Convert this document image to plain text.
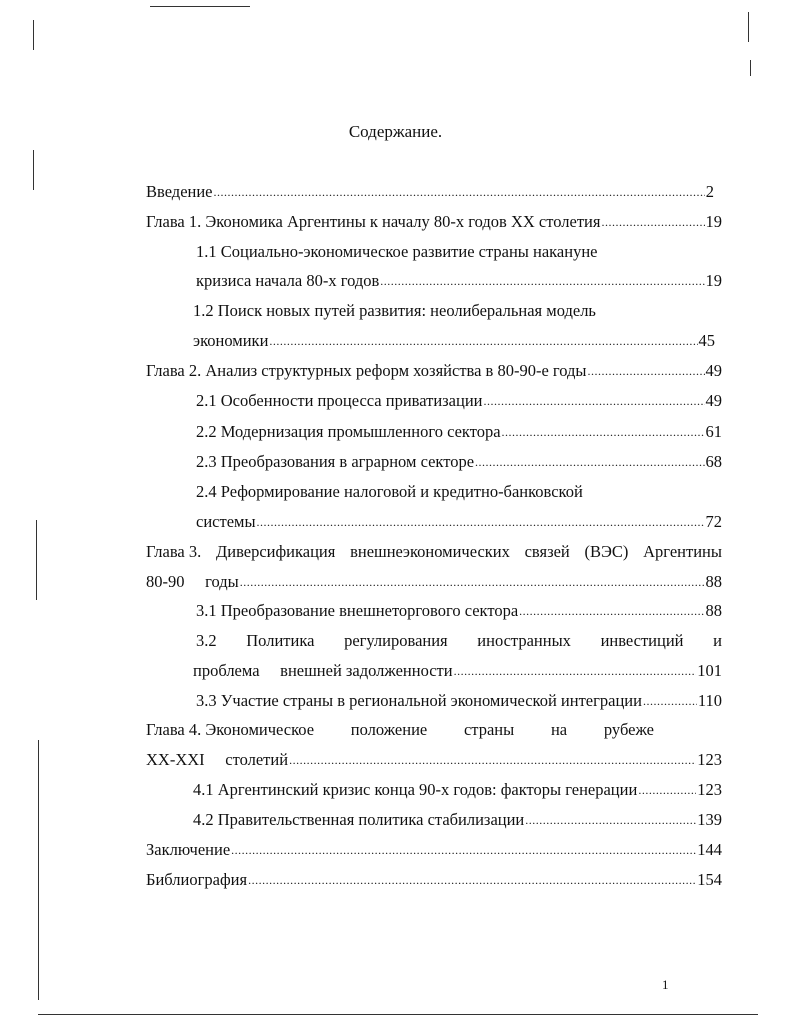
Содержание.
Введение .....	2
Глава 1. Экономика Аргентины к началу 80-х годов XX столетия .....	19
1.1 Социально-экономическое развитие страны накануне
кризиса начала 80-х годов .....	19
1.2 Поиск новых путей развития: неолиберальная модель
экономики .....	45
Глава 2. Анализ структурных реформ хозяйства в 80-90-е годы .....	49
2.1 Особенности процесса приватизации .....	49
2.2 Модернизация промышленного сектора .....	61
2.3 Преобразования в аграрном секторе .....	68
2.4 Реформирование налоговой и кредитно-банковской
системы .....	72
Глава 3. Диверсификация внешнеэкономических связей (ВЭС) Аргентины
80-90     годы .....	88
3.1 Преобразование внешнеторгового сектора .....	88
3.2 Политика регулирования иностранных инвестиций и
проблема     внешней задолженности .....	101
3.3 Участие страны в региональной экономической интеграции .....	110
Глава 4. Экономическое положение страны на рубеже
XX-XXI     столетий .....	123
4.1 Аргентинский кризис конца 90-х годов: факторы генерации .....	123
4.2 Правительственная политика стабилизации .....	139
Заключение .....	144
Библиография .....	154
1
